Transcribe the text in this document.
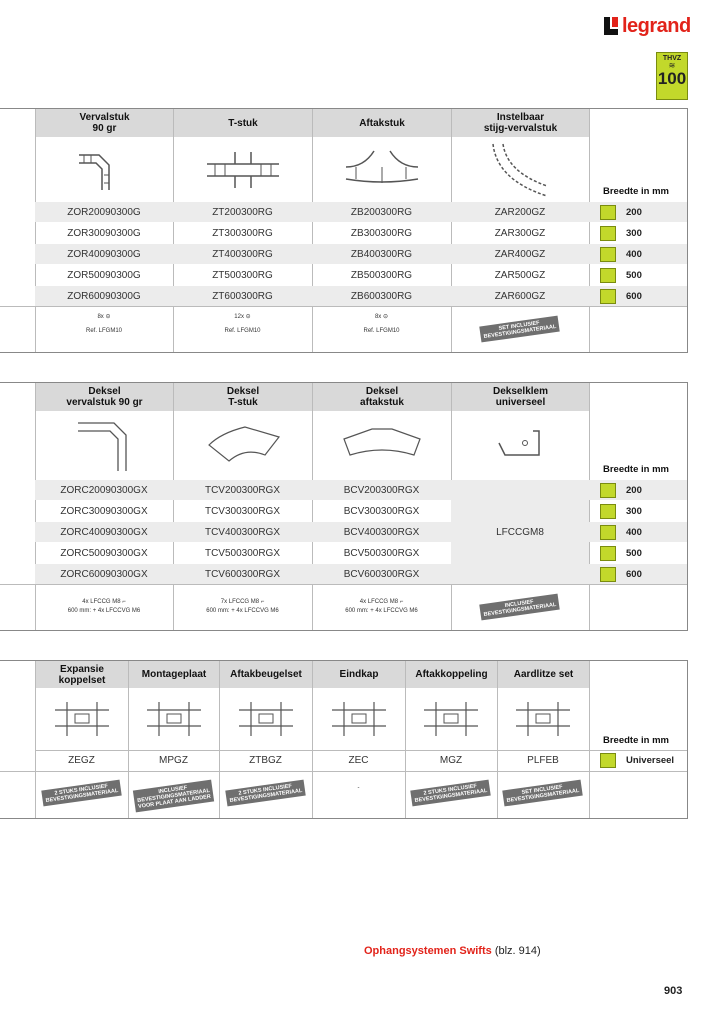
legrand
THVZ
≋
100
Vervalstuk
90 gr	T-stuk	Aftakstuk	Instelbaar
stijg-vervalstuk
Breedte in mm
ZOR20090300G	ZT200300RG	ZB200300RG	ZAR200GZ	200
ZOR30090300G	ZT300300RG	ZB300300RG	ZAR300GZ	300
ZOR40090300G	ZT400300RG	ZB400300RG	ZAR400GZ	400
ZOR50090300G	ZT500300RG	ZB500300RG	ZAR500GZ	500
ZOR60090300G	ZT600300RG	ZB600300RG	ZAR600GZ	600
8x ⊝
Ref. LFGM10
12x ⊝
Ref. LFGM10
8x ⊝
Ref. LFGM10	SET INCLUSIEF
BEVESTIGINGSMATERIAAL
Deksel
vervalstuk 90 gr
Deksel
T-stuk
Deksel
aftakstuk
Dekselklem
universeel
Breedte in mm
ZORC20090300GX	TCV200300RGX	BCV200300RGX	200
ZORC30090300GX	TCV300300RGX	BCV300300RGX	300
ZORC40090300GX	TCV400300RGX	BCV400300RGX	400
ZORC50090300GX	TCV500300RGX	BCV500300RGX	500
ZORC60090300GX	TCV600300RGX	BCV600300RGX	600
LFCCGM8
4x LFCCG M8 ⌐
600 mm: + 4x LFCCVG M6
7x LFCCG M8 ⌐
600 mm: + 4x LFCCVG M6
4x LFCCG M8 ⌐
600 mm: + 4x LFCCVG M6
INCLUSIEF
BEVESTIGINGSMATERIAAL
Expansie
koppelset	Montageplaat	Aftakbeugelset	Eindkap	Aftakkoppeling	Aardlitze set
Breedte in mm
ZEGZ	MPGZ	ZTBGZ	ZEC	MGZ	PLFEB	Universeel
2 STUKS INCLUSIEF
BEVESTIGINGSMATERIAAL	INCLUSIEF
BEVESTIGINGSMATERIAAL
VOOR PLAAT AAN LADDER
2 STUKS INCLUSIEF
BEVESTIGINGSMATERIAAL	-	2 STUKS INCLUSIEF
BEVESTIGINGSMATERIAAL	SET INCLUSIEF
BEVESTIGINGSMATERIAAL
Ophangsystemen Swifts (blz. 914)
903
